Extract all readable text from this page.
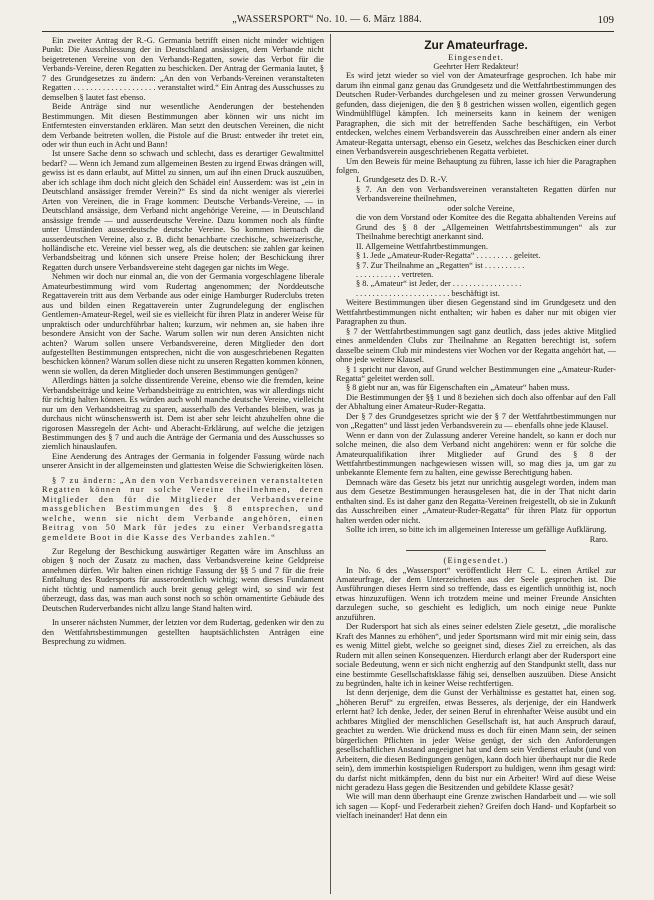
„WASSERSPORT“ No. 10. — 6. März 1884.	109

Ein zweiter Antrag der R.-G. Germania betrifft einen nicht minder wichtigen Punkt: Die Ausschliessung der in Deutschland ansässigen, dem Verbande nicht beigetretenen Vereine von den Verbands-Regatten, sowie das Verbot für die Verbands-Vereine, deren Regatten zu beschicken. Der Antrag der Germania lautet, § 7 des Grundgesetzes zu ändern: „An den von Verbands-Vereinen veranstalteten Regatten . . . . . . . . . . . . . . . . . . . . veranstaltet wird.“ Ein Antrag des Ausschusses zu demselben § lautet fast ebenso.

Beide Anträge sind nur wesentliche Aenderungen der bestehenden Bestimmungen. Mit diesen Bestimmungen aber können wir uns nicht im Entferntesten einverstanden erklären. Man setzt den deutschen Vereinen, die nicht dem Verbande beitreten wollen, die Pistole auf die Brust: entweder ihr tretet ein, oder wir thun euch in Acht und Bann!

Ist unsere Sache denn so schwach und schlecht, dass es derartiger Gewaltmittel bedarf? — Wenn ich Jemand zum allgemeinen Besten zu irgend Etwas drängen will, gewiss ist es dann erlaubt, auf Mittel zu sinnen, um auf ihn einen Druck auszuüben, aber ich schlage ihm doch nicht gleich den Schädel ein! Ausserdem: was ist „ein in Deutschland ansässiger fremder Verein?“ Es sind da nicht weniger als viererlei Arten von Vereinen, die in Frage kommen: Deutsche Verbands-Vereine, — in Deutschland ansässige, dem Verband nicht angehörige Vereine, — in Deutschland ansässige fremde — und ausserdeutsche Vereine. Dazu kommen noch als fünfte unter Umständen ausserdeutsche deutsche Vereine. So kommen hiernach die ausserdeutschen Vereine, also z. B. dicht benachbarte czechische, schweizerische, holländische etc. Vereine viel besser weg, als die deutschen: sie zahlen gar keinen Verbandsbeitrag und können sich unsere Preise holen; der Beschickung ihrer Regatten durch unsere Verbandsvereine steht dagegen gar nichts im Wege.

Nehmen wir doch nur einmal an, die von der Germania vorgeschlagene liberale Amateurbestimmung wird vom Rudertag angenommen; der Norddeutsche Regattaverein tritt aus dem Verbande aus oder einige Hamburger Ruderclubs treten aus und bilden einen Regattaverein unter Zugrundelegung der englischen Gentlemen-Amateur-Regel, weil sie es vielleicht für ihren Platz in anderer Weise für unpraktisch oder undurchführbar halten; kurzum, wir nehmen an, sie haben ihre besondere Ansicht von der Sache. Warum sollen wir nun deren Ansichten nicht achten? Warum sollen unsere Verbandsvereine, deren Mitglieder den dort aufgestellten Bestimmungen entsprechen, nicht die von ausgeschriebenen Regatten beschicken können? Warum sollen diese nicht zu unseren Regatten kommen können, wenn sie wollen, da deren Mitglieder doch unseren Bestimmungen genügen?

Allerdings hätten ja solche dissentirende Vereine, ebenso wie die fremden, keine Verbandsbeiträge und keine Verbandsbeiträge zu entrichten, was wir allerdings nicht für richtig halten können. Es würden auch wohl manche deutsche Vereine, vielleicht nur um den Verbandsbeitrag zu sparen, ausserhalb des Verbandes bleiben, was ja durchaus nicht wünschenswerth ist. Dem ist aber sehr leicht abzuhelfen ohne die rigorosen Massregeln der Acht- und Aberacht-Erklärung, auf welche die jetzigen Bestimmungen des § 7 und auch die Anträge der Germania und des Ausschusses so ziemlich hinauslaufen.

Eine Aenderung des Antrages der Germania in folgender Fassung würde nach unserer Ansicht in der allgemeinsten und glattesten Weise die Schwierigkeiten lösen.

§ 7 zu ändern: „An den von Verbandsvereinen veranstalteten Regatten können nur solche Vereine theilnehmen, deren Mitglieder den für die Mitglieder der Verbandsvereine massgeblichen Bestimmungen des § 8 entsprechen, und welche, wenn sie nicht dem Verbande angehören, einen Beitrag von 50 Mark für jedes zu einer Verbandsregatta gemeldete Boot in die Kasse des Verbandes zahlen.“

Zur Regelung der Beschickung auswärtiger Regatten wäre im Anschluss an obigen § noch der Zusatz zu machen, dass Verbandsvereine keine Geldpreise annehmen dürfen. Wir halten einen richtige Fassung der §§ 5 und 7 für die freie Entfaltung des Rudersports für ausserordentlich wichtig; wenn dieses Fundament nicht tüchtig und namentlich auch breit genug gelegt wird, so sind wir fest überzeugt, dass das, was man auch sonst noch so schön ornamentirte Gebäude des Deutschen Ruderverbandes nicht allzu lange Stand halten wird.

In unserer nächsten Nummer, der letzten vor dem Rudertag, gedenken wir den zu den Wettfahrtsbestimmungen gestellten hauptsächlichsten Anträgen eine Besprechung zu widmen.

Zur Amateurfrage.
Eingesendet.
Geehrter Herr Redakteur!

Es wird jetzt wieder so viel von der Amateurfrage gesprochen. Ich habe mir darum ihn einmal ganz genau das Grundgesetz und die Wettfahrtbestimmungen des Deutschen Ruder-Verbandes durchgelesen und zu meiner grossen Verwunderung gefunden, dass diejenigen, die den § 8 gestrichen wissen wollen, eigentlich gegen Windmühlflügel kämpfen. Ich meinerseits kann in keinem der wenigen Paragraphen, die sich mit der betreffenden Sache beschäftigen, ein Verbot entdecken, welches einem Verbandsverein das Ausschreiben einer andern als einer Amateur-Regatta untersagt, ebenso ein Gesetz, welches das Beschicken einer durch einen Verbandsverein ausgeschriebenen Regatta verbietet.

Um den Beweis für meine Behauptung zu führen, lasse ich hier die Paragraphen folgen.

I. Grundgesetz des D. R.-V.

§ 7. An den von Verbandsvereinen veranstalteten Regatten dürfen nur Verbandsvereine theilnehmen,

oder solche Vereine,

die von dem Vorstand oder Komitee des die Regatta abhaltenden Vereins auf Grund des § 8 der „Allgemeinen Wettfahrtsbestimmungen“ als zur Theilnahme berechtigt anerkannt sind.

II. Allgemeine Wettfahrtbestimmungen.

§ 1. Jede „Amateur-Ruder-Regatta“ . . . . . . . . . geleitet.

§ 7. Zur Theilnahme an „Regatten“ ist . . . . . . . . . .

. . . . . . . . . . . vertreten.

§ 8. „Amateur“ ist Jeder, der . . . . . . . . . . . . . . . . .

. . . . . . . . . . . . . . . . . . . . . . . beschäftigt ist.

Weitere Bestimmungen über diesen Gegenstand sind im Grundgesetz und den Wettfahrtbestimmungen nicht enthalten; wir haben es daher nur mit obigen vier Paragraphen zu thun.

§ 7 der Wettfahrtbestimmungen sagt ganz deutlich, dass jedes aktive Mitglied eines anmeldenden Clubs zur Theilnahme an Regatten berechtigt ist, sofern dasselbe seinem Club mir mindestens vier Wochen vor der Regatta angehört hat, — ohne jede weitere Klausel.

§ 1 spricht nur davon, auf Grund welcher Bestimmungen eine „Amateur-Ruder-Regatta“ geleitet werden soll.

§ 8 giebt nur an, was für Eigenschaften ein „Amateur“ haben muss.

Die Bestimmungen der §§ 1 und 8 beziehen sich doch also offenbar auf den Fall der Abhaltung einer Amateur-Ruder-Regatta.

Der § 7 des Grundgesetzes spricht wie der § 7 der Wettfahrtbestimmungen nur von „Regatten“ und lässt jeden Verbandsverein zu — ebenfalls ohne jede Klausel.

Wenn er dann von der Zulassung anderer Vereine handelt, so kann er doch nur solche meinen, die also dem Verband nicht angehören: wenn er für solche die Amateurqualifikation ihrer Mitglieder auf Grund des § 8 der Wettfahrtbestimmungen nachgewiesen wissen will, so mag dies ja, um gar zu unbekannte Elemente fern zu halten, eine gewisse Berechtigung haben.

Demnach wäre das Gesetz bis jetzt nur unrichtig ausgelegt worden, indem man aus dem Gesetze Bestimmungen herausgelesen hat, die in der That nicht darin enthalten sind. Es ist daher ganz den Regatta-Vereinen freigestellt, ob sie in Zukunft das Ausschreiben einer „Amateur-Ruder-Regatta“ für ihren Platz für opportun halten werden oder nicht.

Sollte ich irren, so bitte ich im allgemeinen Interesse um gefällige Aufklärung.

Raro.
(Eingesendet.)

In No. 6 des „Wassersport“ veröffentlicht Herr C. L. einen Artikel zur Amateurfrage, der dem Unterzeichneten aus der Seele gesprochen ist. Die Ausführungen dieses Herrn sind so treffende, dass es eigentlich unnöthig ist, noch etwas hinzuzufügen. Wenn ich trotzdem meine und meiner Freunde Ansichten darzulegen suche, so geschieht es lediglich, um noch einige neue Punkte anzuführen.

Der Rudersport hat sich als eines seiner edelsten Ziele gesetzt, „die moralische Kraft des Mannes zu erhöhen“, und jeder Sportsmann wird mit mir einig sein, dass es wenig Mittel giebt, welche so geeignet sind, dieses Ziel zu erreichen, als das Rudern mit allen seinen Konsequenzen. Hierdurch erlangt aber der Rudersport eine sociale Bedeutung, wenn er sich nicht engherzig auf den Standpunkt stellt, dass nur eine bestimmte Gesellschaftsklasse fähig sei, denselben auszuüben. Diese Ansicht zu begründen, halte ich in keiner Weise rechtfertigen.

Ist denn derjenige, dem die Gunst der Verhältnisse es gestattet hat, einen sog. „höheren Beruf“ zu ergreifen, etwas Besseres, als derjenige, der ein Handwerk erlernt hat? Ich denke, Jeder, der seinen Beruf in ehrenhafter Weise ausübt und ein achtbares Mitglied der menschlichen Gesellschaft ist, hat auch Anspruch darauf, geachtet zu werden. Wie drückend muss es doch für einen Mann sein, der seinen bürgerlichen Pflichten in jeder Weise genügt, der sich den Anforderungen gesellschaftlichen Anstand angeeignet hat und dem sein Verdienst erlaubt (und von Arbeitern, die diesen Bedingungen genügen, kann doch hier überhaupt nur die Rede sein), dem immerhin kostspieligen Rudersport zu huldigen, wenn ihm gesagt wird: du darfst nicht mitkämpfen, denn du bist nur ein Arbeiter! Wird auf diese Weise nicht geradezu Hass gegen die Besitzenden und gebildete Klasse gesät?

Wie will man denn überhaupt eine Grenze zwischen Handarbeit und — wie soll ich sagen — Kopf- und Federarbeit ziehen? Greifen doch Hand- und Kopfarbeit so vielfach ineinander! Hat denn ein
